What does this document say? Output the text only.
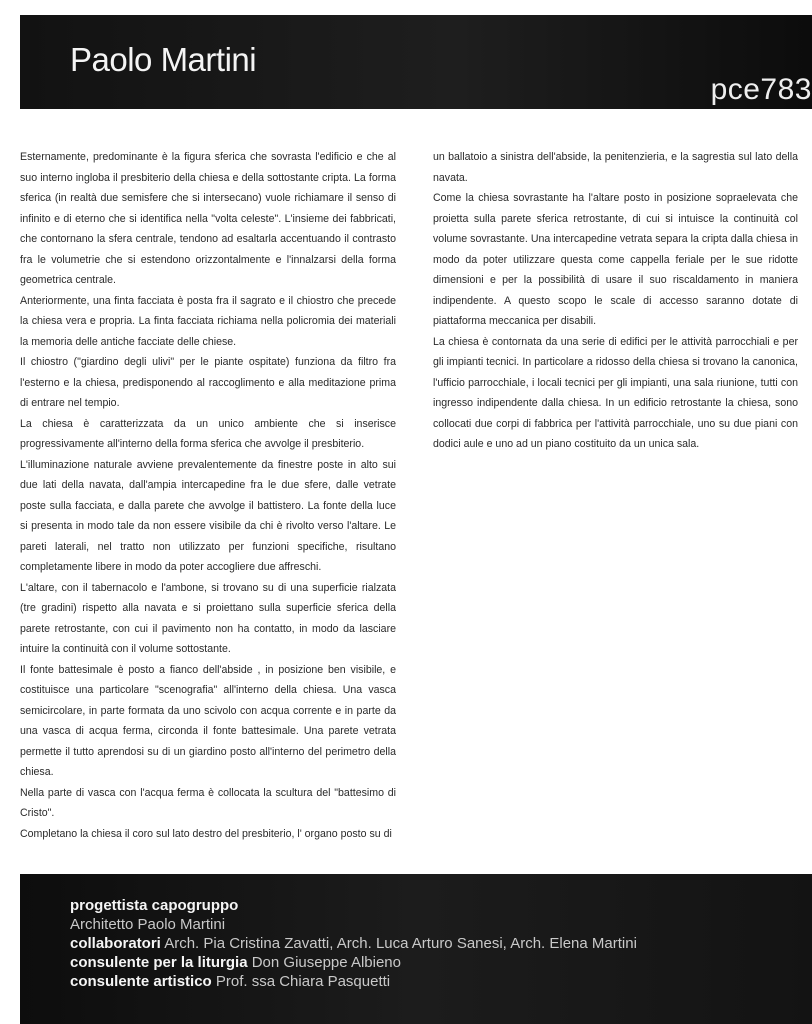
Paolo Martini
pce783

Esternamente, predominante è la figura sferica che sovrasta l'edificio e che al suo interno ingloba il presbiterio della chiesa e della sottostante cripta. La forma sferica (in realtà due semisfere che si intersecano) vuole richiamare il senso di infinito e di eterno che si identifica nella "volta celeste". L'insieme dei fabbricati, che contornano la sfera centrale, tendono ad esaltarla accentuando il contrasto fra le volumetrie che si estendono orizzontalmente e l'innalzarsi della forma geometrica centrale.

Anteriormente, una finta facciata è posta fra il sagrato e il chiostro che precede la chiesa vera e propria. La finta facciata richiama nella policromia dei materiali la memoria delle antiche facciate delle chiese.

Il chiostro ("giardino degli ulivi" per le piante ospitate) funziona da filtro fra l'esterno e la chiesa, predisponendo al raccoglimento e alla meditazione prima di entrare nel tempio.

La chiesa è caratterizzata da un unico ambiente che si inserisce progressivamente all'interno della forma sferica che avvolge il presbiterio.

L'illuminazione naturale avviene prevalentemente da finestre poste in alto sui due lati della navata, dall'ampia intercapedine fra le due sfere, dalle vetrate poste sulla facciata, e dalla parete che avvolge il battistero. La fonte della luce si presenta in modo tale da non essere visibile da chi è rivolto verso l'altare. Le pareti laterali, nel tratto non utilizzato per funzioni specifiche, risultano completamente libere in modo da poter accogliere due affreschi.

L'altare, con il tabernacolo e l'ambone, si trovano su di una superficie rialzata (tre gradini) rispetto alla navata e si proiettano sulla superficie sferica della parete retrostante, con cui il pavimento non ha contatto, in modo da lasciare intuire la continuità con il volume sottostante.

Il fonte battesimale è posto a fianco dell'abside , in posizione ben visibile, e costituisce una particolare "scenografia" all'interno della chiesa. Una vasca semicircolare, in parte formata da uno scivolo con acqua corrente e in parte da una vasca di acqua ferma, circonda il fonte battesimale. Una parete vetrata permette il tutto aprendosi su di un giardino posto all'interno del perimetro della chiesa.

Nella parte di vasca con l'acqua ferma è collocata la scultura del "battesimo di Cristo".

Completano la chiesa il coro sul lato destro del presbiterio, l' organo posto su di

un ballatoio a sinistra dell'abside, la penitenzieria, e la sagrestia sul lato della navata.

Come la chiesa sovrastante ha l'altare posto in posizione sopraelevata che proietta sulla parete sferica retrostante, di cui si intuisce la continuità col volume sovrastante. Una intercapedine vetrata separa la cripta dalla chiesa in modo da poter utilizzare questa come cappella feriale per le sue ridotte dimensioni e per la possibilità di usare il suo riscaldamento in maniera indipendente. A questo scopo le scale di accesso saranno dotate di piattaforma meccanica per disabili.

La chiesa è contornata da una serie di edifici per le attività parrocchiali e per gli impianti tecnici. In particolare a ridosso della chiesa si trovano la canonica, l'ufficio parrocchiale, i locali tecnici per gli impianti, una sala riunione, tutti con ingresso indipendente dalla chiesa. In un edificio retrostante la chiesa, sono collocati due corpi di fabbrica per l'attività parrocchiale, uno su due piani con dodici aule e uno ad un piano costituito da un unica sala.

progettista capogruppo
Architetto Paolo Martini
collaboratori Arch. Pia Cristina Zavatti, Arch. Luca Arturo Sanesi, Arch. Elena Martini
consulente per la liturgia Don Giuseppe Albieno
consulente artistico Prof. ssa Chiara Pasquetti
